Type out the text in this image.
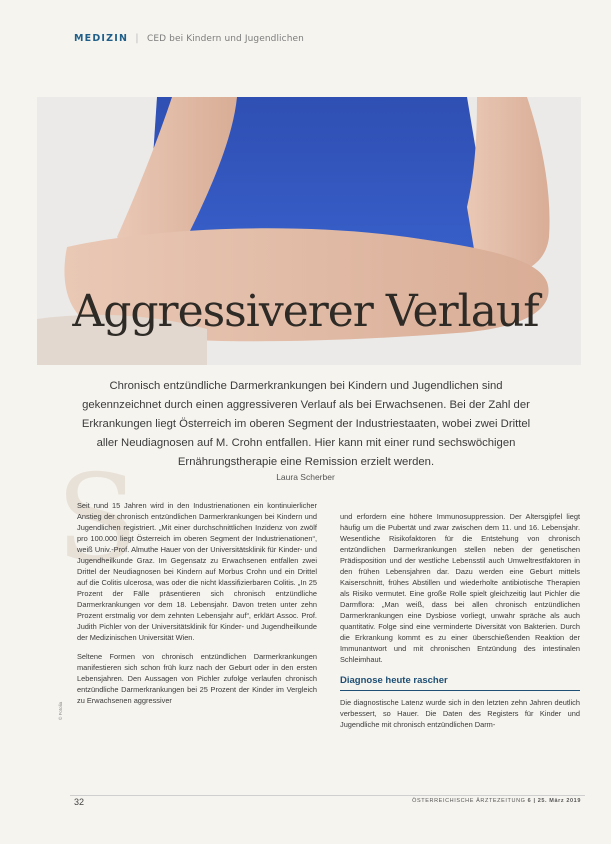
MEDIZIN | CED bei Kindern und Jugendlichen
S
Aggressiverer Verlauf

Chronisch entzündliche Darmerkrankungen bei Kindern und Jugendlichen sind gekennzeichnet durch einen aggressiveren Verlauf als bei Erwachsenen. Bei der Zahl der Erkrankungen liegt Österreich im oberen Segment der Industriestaaten, wobei zwei Drittel aller Neudiagnosen auf M. Crohn entfallen. Hier kann mit einer rund sechswöchigen Ernährungstherapie eine Remission erzielt werden.

Laura Scherber

Seit rund 15 Jahren wird in den Industrienationen ein kontinuierlicher Anstieg der chronisch entzündlichen Darmerkrankungen bei Kindern und Jugendlichen registriert. „Mit einer durchschnittlichen Inzidenz von zwölf pro 100.000 liegt Österreich im oberen Segment der Industrienationen“, weiß Univ.-Prof. Almuthe Hauer von der Universitätsklinik für Kinder- und Jugendheilkunde Graz. Im Gegensatz zu Erwachsenen entfallen zwei Drittel der Neudiagnosen bei Kindern auf Morbus Crohn und ein Drittel auf die Colitis ulcerosa, was oder die nicht klassifizierbaren Colitis. „In 25 Prozent der Fälle präsentieren sich chronisch entzündliche Darmerkrankungen vor dem 18. Lebensjahr. Davon treten unter zehn Prozent erstmalig vor dem zehnten Lebensjahr auf“, erklärt Assoc. Prof. Judith Pichler von der Universitätsklinik für Kinder- und Jugendheilkunde der Medizinischen Universität Wien.

Seltene Formen von chronisch entzündlichen Darmerkrankungen manifestieren sich schon früh kurz nach der Geburt oder in den ersten Lebensjahren. Den Aussagen von Pichler zufolge verlaufen chronisch entzündliche Darmerkrankungen bei 25 Prozent der Kinder im Vergleich zu Erwachsenen aggressiver

und erfordern eine höhere Immunosuppression. Der Altersgipfel liegt häufig um die Pubertät und zwar zwischen dem 11. und 16. Lebensjahr. Wesentliche Risikofaktoren für die Entstehung von chronisch entzündlichen Darmerkrankungen stellen neben der genetischen Prädisposition und der westliche Lebensstil auch Umweltrestfaktoren in den frühen Lebensjahren dar. Dazu werden eine Geburt mittels Kaiserschnitt, frühes Abstillen und wiederholte antibiotische Therapien als Risiko vermutet. Eine große Rolle spielt gleichzeitig laut Pichler die Darmflora: „Man weiß, dass bei allen chronisch entzündlichen Darmerkrankungen eine Dysbiose vorliegt, unwahr spräche als auch quantitativ. Folge sind eine verminderte Diversität von Bakterien. Durch die Erkrankung kommt es zu einer überschießenden Reaktion der Immunantwort und mit chronischen Entzündung des intestinalen Schleimhaut.

Diagnose heute rascher

Die diagnostische Latenz wurde sich in den letzten zehn Jahren deutlich verbessert, so Hauer. Die Daten des Registers für Kinder und Jugendliche mit chronisch entzündlichen Darm-

© Fotolia
32	ÖSTERREICHISCHE ÄRZTEZEITUNG 6 | 25. März 2019
